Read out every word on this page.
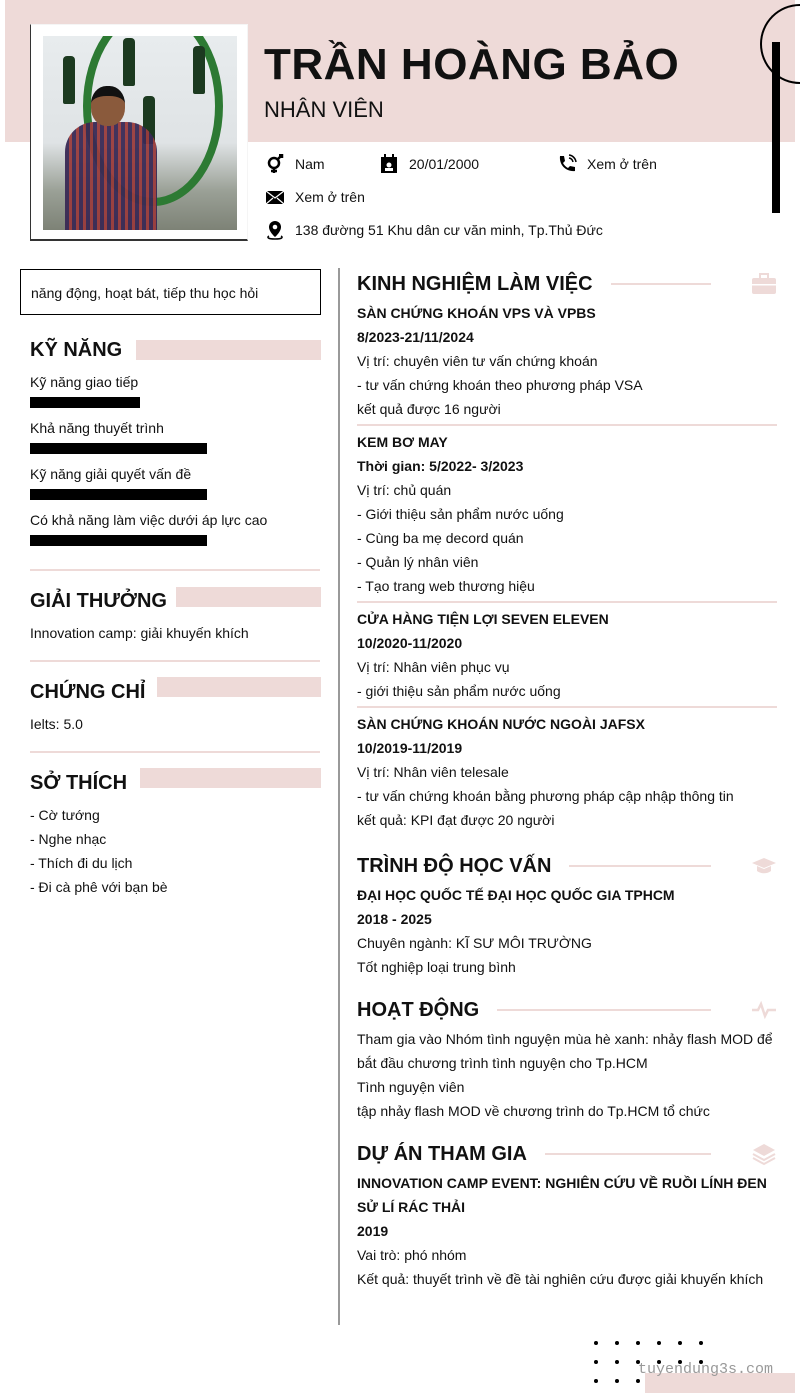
TRẦN HOÀNG BẢO
NHÂN VIÊN
Nam	20/01/2000	Xem ở trên
Xem ở trên
138 đường 51 Khu dân cư văn minh, Tp.Thủ Đức
năng động, hoạt bát, tiếp thu học hỏi
KỸ NĂNG
Kỹ năng giao tiếp
Khả năng thuyết trình
Kỹ năng giải quyết vấn đề
Có khả năng làm việc dưới áp lực cao
GIẢI THƯỞNG
Innovation camp: giải khuyến khích
CHỨNG CHỈ
Ielts: 5.0
SỞ THÍCH
- Cờ tướng
- Nghe nhạc
- Thích đi du lịch
- Đi cà phê với bạn bè
KINH NGHIỆM LÀM VIỆC
SÀN CHỨNG KHOÁN VPS VÀ VPBS
8/2023-21/11/2024
Vị trí: chuyên viên tư vấn chứng khoán
- tư vấn chứng khoán theo phương pháp VSA
kết quả được 16 người
KEM BƠ MAY
Thời gian: 5/2022- 3/2023
Vị trí: chủ quán
- Giới thiệu sản phẩm nước uống
- Cùng ba mẹ decord quán
- Quản lý nhân viên
- Tạo trang web thương hiệu
CỬA HÀNG TIỆN LỢI SEVEN ELEVEN
10/2020-11/2020
Vị trí: Nhân viên phục vụ
- giới thiệu sản phẩm nước uống
SÀN CHỨNG KHOÁN NƯỚC NGOÀI JAFSX
10/2019-11/2019
Vị trí: Nhân viên telesale
- tư vấn chứng khoán bằng phương pháp cập nhập thông tin
kết quả: KPI đạt được 20 người
TRÌNH ĐỘ HỌC VẤN
ĐẠI HỌC QUỐC TẾ ĐẠI HỌC QUỐC GIA TPHCM
2018 - 2025
Chuyên ngành: KĨ SƯ MÔI TRƯỜNG
Tốt nghiệp loại trung bình
HOẠT ĐỘNG
Tham gia vào Nhóm tình nguyện mùa hè xanh: nhảy flash MOD để bắt đầu chương trình tình nguyện cho Tp.HCM
Tình nguyện viên
tập nhảy flash MOD về chương trình do Tp.HCM tổ chức
DỰ ÁN THAM GIA
INNOVATION CAMP EVENT: NGHIÊN CỨU VỀ RUỒI LÍNH ĐEN SỬ LÍ RÁC THẢI
2019
Vai trò: phó nhóm
Kết quả: thuyết trình về đề tài nghiên cứu được giải khuyến khích
tuyendung3s.com
